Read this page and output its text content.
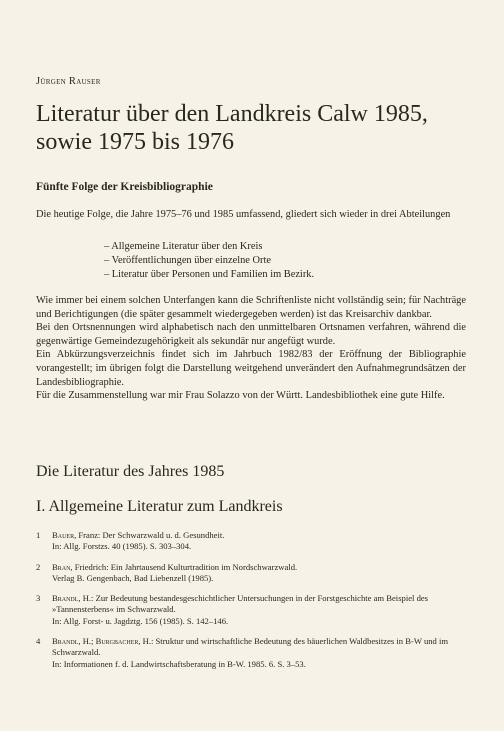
Jürgen Rauser
Literatur über den Landkreis Calw 1985,
sowie 1975 bis 1976
Fünfte Folge der Kreisbibliographie
Die heutige Folge, die Jahre 1975–76 und 1985 umfassend, gliedert sich wieder in drei Abteilungen
– Allgemeine Literatur über den Kreis
– Veröffentlichungen über einzelne Orte
– Literatur über Personen und Familien im Bezirk.

Wie immer bei einem solchen Unterfangen kann die Schriftenliste nicht vollständig sein; für Nachträge und Berichtigungen (die später gesammelt wiedergegeben werden) ist das Kreisarchiv dankbar.

Bei den Ortsnennungen wird alphabetisch nach den unmittelbaren Ortsnamen verfahren, während die gegenwärtige Gemeindezugehörigkeit als sekundär nur angefügt wurde.

Ein Abkürzungsverzeichnis findet sich im Jahrbuch 1982/83 der Eröffnung der Bibliographie vorangestellt; im übrigen folgt die Darstellung weitgehend unverändert den Aufnahmegrundsätzen der Landesbibliographie.

Für die Zusammenstellung war mir Frau Solazzo von der Württ. Landesbibliothek eine gute Hilfe.

Die Literatur des Jahres 1985
I. Allgemeine Literatur zum Landkreis
1 Bauer, Franz: Der Schwarzwald u. d. Gesundheit.
In: Allg. Forstzs. 40 (1985). S. 303–304.
2 Bran, Friedrich: Ein Jahrtausend Kulturtradition im Nordschwarzwald.
Verlag B. Gengenbach, Bad Liebenzell (1985).
3 Brandl, H.: Zur Bedeutung bestandesgeschichtlicher Untersuchungen in der Forstgeschichte am Beispiel des »Tannensterbens« im Schwarzwald.
In: Allg. Forst- u. Jagdztg. 156 (1985). S. 142–146.
4 Brandl, H.; Burgbacher, H.: Struktur und wirtschaftliche Bedeutung des bäuerlichen Waldbesitzes in B-W und im Schwarzwald.
In: Informationen f. d. Landwirtschaftsberatung in B-W. 1985. 6. S. 3–53.
